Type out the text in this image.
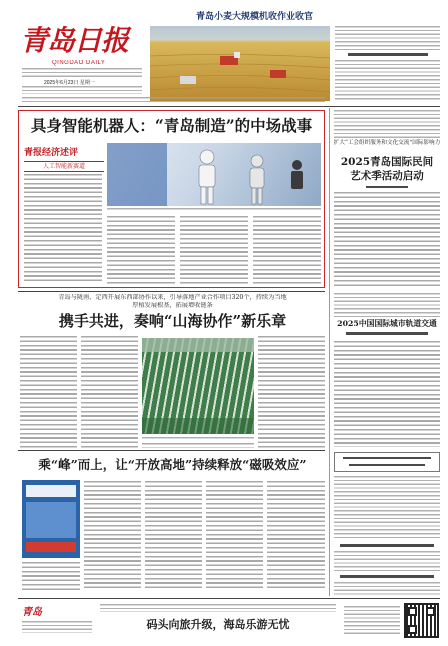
青岛日报
QINGDAO DAILY
2025年6月23日 星期一
青岛小麦大规模机收作业收官
具身智能机器人：“青岛制造”的中场战事
青报经济述评
人工智能新赛道
扩大“工会组织服务和文化交流”国际影响力
2025青岛国际民间
艺术季活动启动
青岛与陇南、定西开展东西部协作以来，引导落地产业合作项目320个，持续为当地
厚植发展根基，拓展增收链条
携手共进，奏响“山海协作”新乐章	2025中国国际城市轨道交通
乘“峰”而上，让“开放高地”持续释放“磁吸效应”
青岛
码头向旅升级，海岛乐游无忧
